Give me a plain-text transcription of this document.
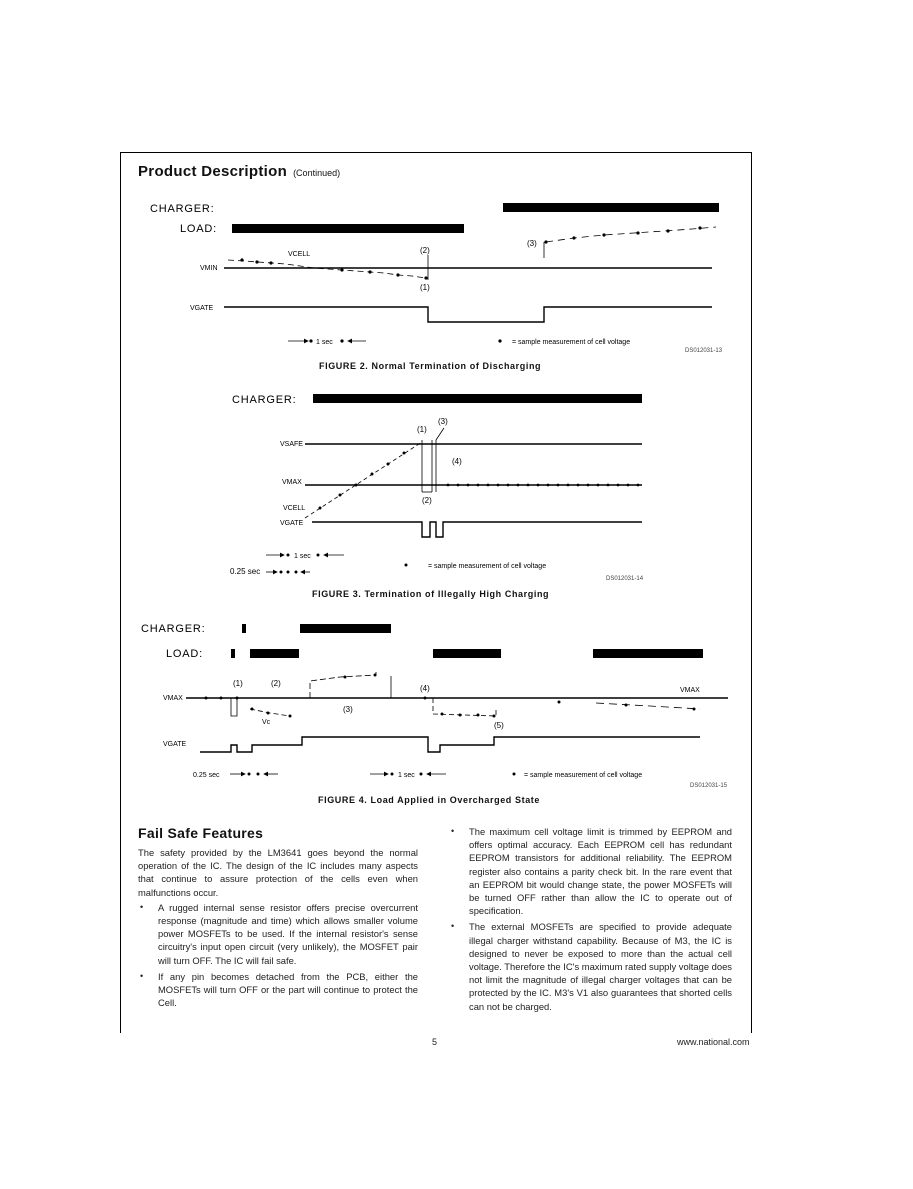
Product Description (Continued)
CHARGER:
LOAD:
VCELL
VMIN
(2)
(1)
(3)
VGATE
1 sec	= sample measurement of cell voltage
DS012031-13
CHARGER:
VSAFE
VMAX
(1)
(3)
(4)
(2)
VCELL
VGATE
1 sec
0.25 sec
= sample measurement of cell voltage
DS012031-14
CHARGER:
LOAD:
VMAX
VMAX
(1)	(2)
(3)
(4)
(5)
Vc
VGATE
0.25 sec	1 sec	= sample measurement of cell voltage
DS012031-15
FIGURE 2. Normal Termination of Discharging
FIGURE 3. Termination of Illegally High Charging
FIGURE 4. Load Applied in Overcharged State
Fail Safe Features

The safety provided by the LM3641 goes beyond the normal operation of the IC. The design of the IC includes many aspects that continue to assure protection of the cells even when malfunctions occur.

• A rugged internal sense resistor offers precise overcurrent response (magnitude and time) which allows smaller volume power MOSFETs to be used. If the internal resistor's sense circuitry's input open circuit (very unlikely), the MOSFET pair will turn OFF. The IC will fail safe.
• If any pin becomes detached from the PCB, either the MOSFETs will turn OFF or the part will continue to protect the Cell.
• The maximum cell voltage limit is trimmed by EEPROM and offers optimal accuracy. Each EEPROM cell has redundant EEPROM transistors for additional reliability. The EEPROM register also contains a parity check bit. In the rare event that an EEPROM bit would change state, the power MOSFETs will be turned OFF rather than allow the IC to operate out of specification.
• The external MOSFETs are specified to provide adequate illegal charger withstand capability. Because of M3, the IC is designed to never be exposed to more than the actual cell voltage. Therefore the IC's maximum rated supply voltage does not limit the magnitude of illegal charger voltages that can be protected by the IC. M3's V1 also guarantees that shorted cells can not be charged.
5	www.national.com
